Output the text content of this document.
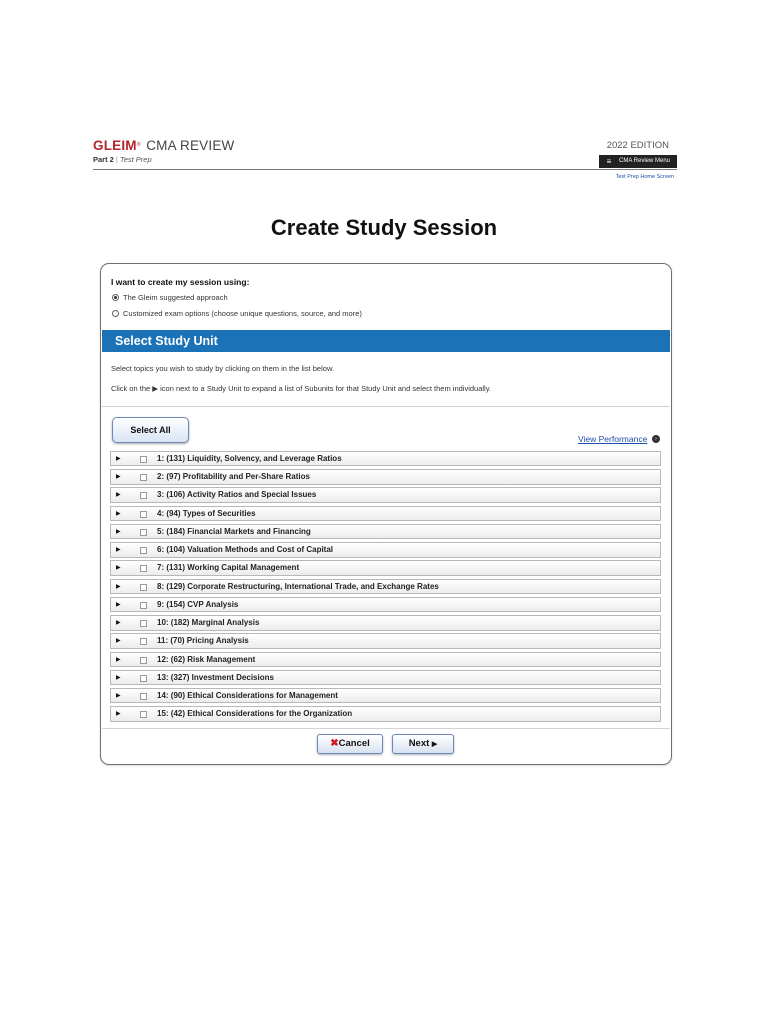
GLEIM® CMA REVIEW
Part 2 | Test Prep
2022 EDITION
≡ CMA Review Menu
Test Prep Home Screen
Create Study Session
I want to create my session using:
The Gleim suggested approach
Customized exam options (choose unique questions, source, and more)
Select Study Unit
Select topics you wish to study by clicking on them in the list below.
Click on the ▶ icon next to a Study Unit to expand a list of Subunits for that Study Unit and select them individually.
Select All
View Performance	›
▶	1: (131) Liquidity, Solvency, and Leverage Ratios
▶	2: (97) Profitability and Per-Share Ratios
▶	3: (106) Activity Ratios and Special Issues
▶	4: (94) Types of Securities
▶	5: (184) Financial Markets and Financing
▶	6: (104) Valuation Methods and Cost of Capital
▶	7: (131) Working Capital Management
▶	8: (129) Corporate Restructuring, International Trade, and Exchange Rates
▶	9: (154) CVP Analysis
▶	10: (182) Marginal Analysis
▶	11: (70) Pricing Analysis
▶	12: (62) Risk Management
▶	13: (327) Investment Decisions
▶	14: (90) Ethical Considerations for Management
▶	15: (42) Ethical Considerations for the Organization
✖Cancel	Next ▶
